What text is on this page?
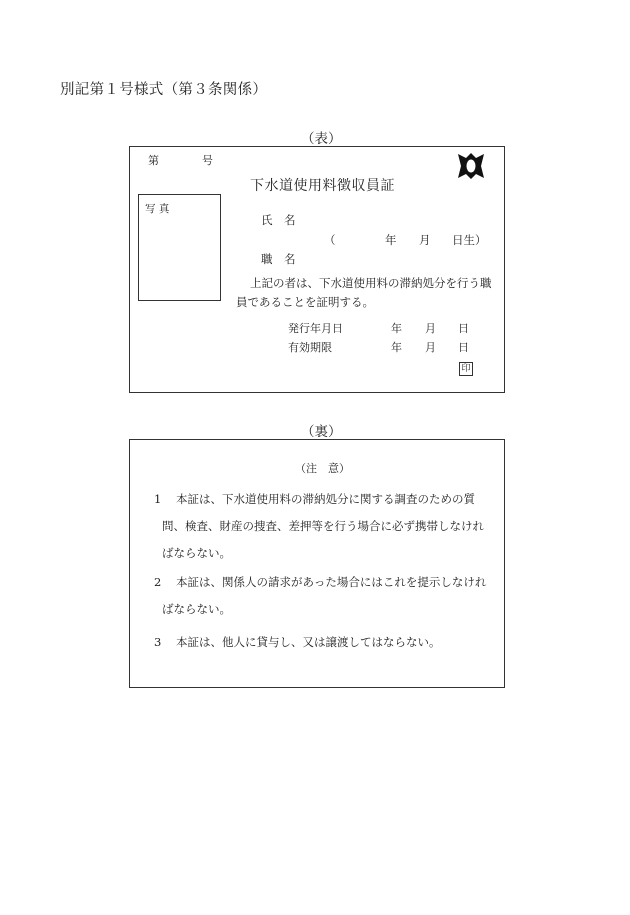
別記第１号様式（第３条関係）
（表）
第	号
下水道使用料徴収員証
写 真
氏　名
（	年 月 日生）
職　名
上記の者は、下水道使用料の滞納処分を行う職
員であることを証明する。
発行年月日	年 月 日
有効期限	年 月 日
印
（裏）
（注　意）
1 本証は、下水道使用料の滞納処分に関する調査のための質
問、検査、財産の捜査、差押等を行う場合に必ず携帯しなけれ
ばならない。
2 本証は、関係人の請求があった場合にはこれを提示しなけれ
ばならない。
3 本証は、他人に貸与し、又は譲渡してはならない。
